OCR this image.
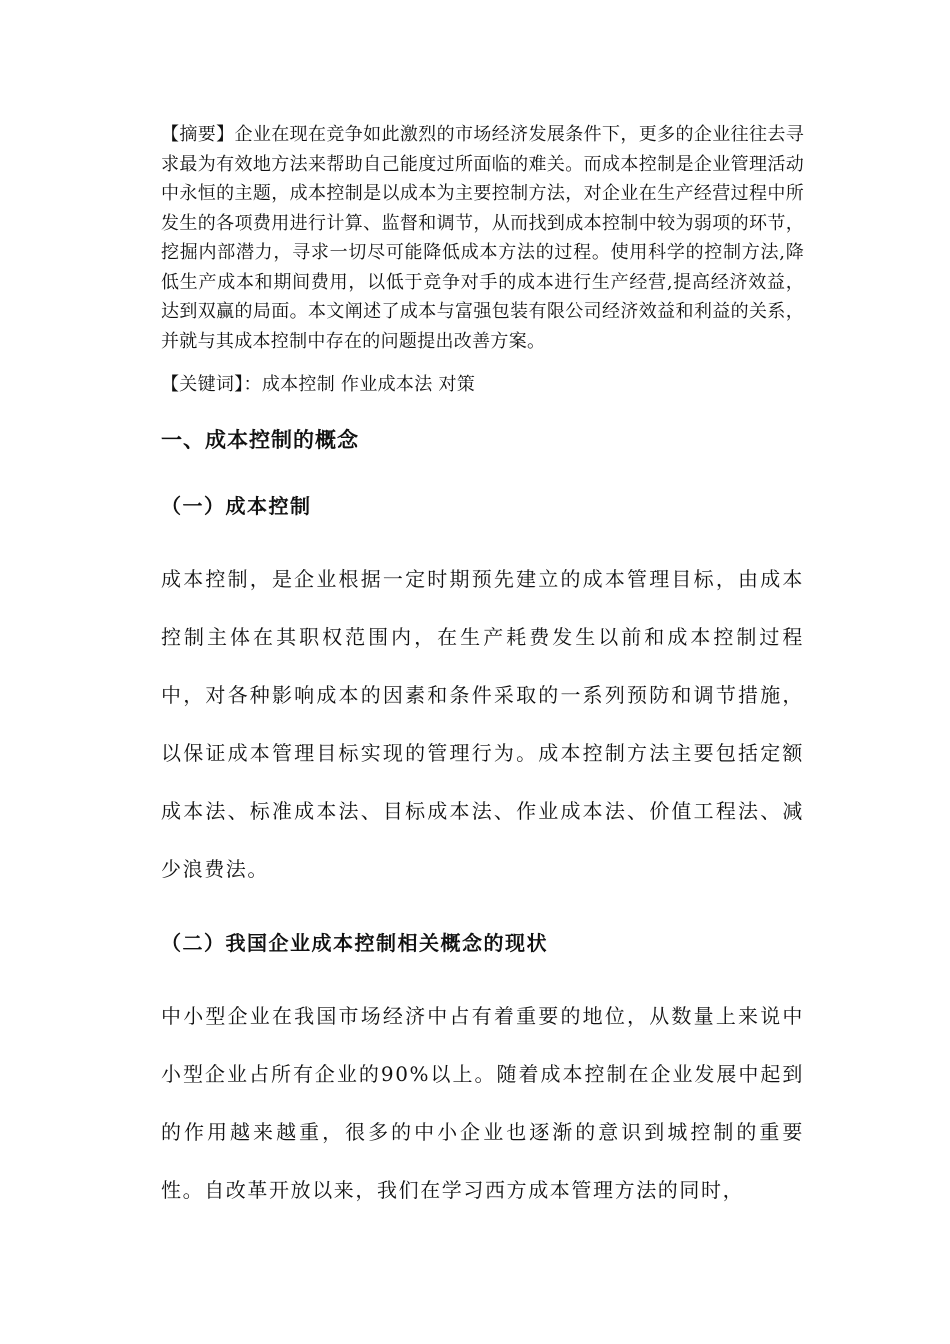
【摘要】企业在现在竞争如此激烈的市场经济发展条件下，更多的企业往往去寻求最为有效地方法来帮助自己能度过所面临的难关。而成本控制是企业管理活动中永恒的主题，成本控制是以成本为主要控制方法，对企业在生产经营过程中所发生的各项费用进行计算、监督和调节，从而找到成本控制中较为弱项的环节，挖掘内部潜力，寻求一切尽可能降低成本方法的过程。使用科学的控制方法,降低生产成本和期间费用，以低于竞争对手的成本进行生产经营,提高经济效益，达到双赢的局面。本文阐述了成本与富强包装有限公司经济效益和利益的关系，并就与其成本控制中存在的问题提出改善方案。

【关键词】：成本控制 作业成本法 对策

一、成本控制的概念
（一）成本控制

成本控制，是企业根据一定时期预先建立的成本管理目标，由成本控制主体在其职权范围内，在生产耗费发生以前和成本控制过程中，对各种影响成本的因素和条件采取的一系列预防和调节措施，以保证成本管理目标实现的管理行为。成本控制方法主要包括定额成本法、标准成本法、目标成本法、作业成本法、价值工程法、减少浪费法。

（二）我国企业成本控制相关概念的现状

中小型企业在我国市场经济中占有着重要的地位，从数量上来说中小型企业占所有企业的90%以上。随着成本控制在企业发展中起到的作用越来越重，很多的中小企业也逐渐的意识到城控制的重要性。自改革开放以来，我们在学习西方成本管理方法的同时，
